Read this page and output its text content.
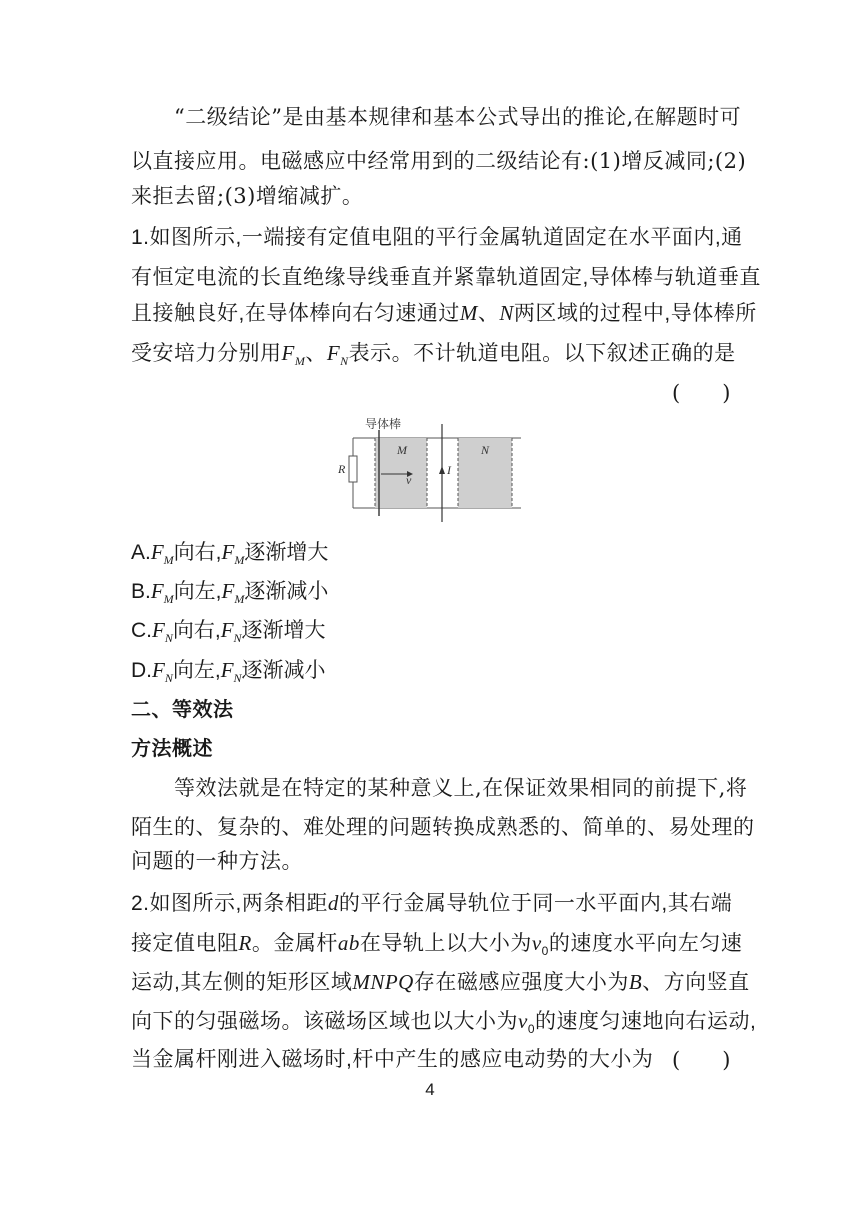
“二级结论”是由基本规律和基本公式导出的推论,在解题时可
以直接应用。电磁感应中经常用到的二级结论有:(1)增反减同;(2)
来拒去留;(3)增缩减扩。
1.如图所示,一端接有定值电阻的平行金属轨道固定在水平面内,通
有恒定电流的长直绝缘导线垂直并紧靠轨道固定,导体棒与轨道垂直
且接触良好,在导体棒向右匀速通过M、N两区域的过程中,导体棒所
受安培力分别用$F_M$、$F_N$表示。不计轨道电阻。以下叙述正确的是
(　　)
导体棒
M	N
R
v
I
$A.F_M$向右$,F_M$逐渐增大
$B.F_M$向左$,F_M$逐渐减小
$C.F_N$向右$,F_N$逐渐增大
$D.F_N$向左$,F_N$逐渐减小
二、等效法
方法概述
等效法就是在特定的某种意义上,在保证效果相同的前提下,将
陌生的、复杂的、难处理的问题转换成熟悉的、简单的、易处理的
问题的一种方法。
2.如图所示,两条相距d的平行金属导轨位于同一水平面内,其右端
接定值电阻R。金属杆ab在导轨上以大小为$v_0$的速度水平向左匀速
运动,其左侧的矩形区域MNPQ存在磁感应强度大小为B、方向竖直
向下的匀强磁场。该磁场区域也以大小为$v_0$的速度匀速地向右运动,
当金属杆刚进入磁场时,杆中产生的感应电动势的大小为 (　　)
4
